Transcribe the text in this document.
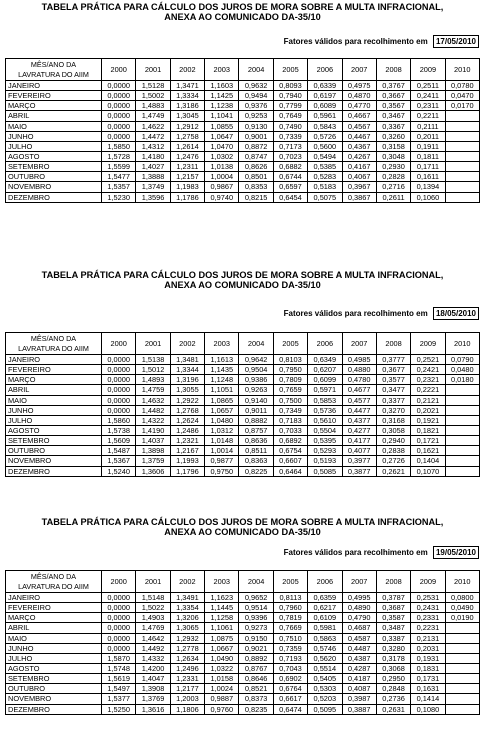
TABELA PRÁTICA PARA CÁLCULO DOS JUROS DE MORA SOBRE A MULTA INFRACIONAL,

ANEXA AO COMUNICADO DA-35/10

Fatores válidos para recolhimento em 17/05/2010
MÊS/ANO DA
LAVRATURA DO AIIM	2000	2001	2002	2003	2004	2005	2006	2007	2008	2009	2010
JANEIRO	0,0000	1,5128	1,3471	1,1603	0,9632	0,8093	0,6339	0,4975	0,3767	0,2511	0,0780
FEVEREIRO	0,0000	1,5002	1,3334	1,1425	0,9494	0,7940	0,6197	0,4870	0,3667	0,2411	0,0470
MARÇO	0,0000	1,4883	1,3186	1,1238	0,9376	0,7799	0,6089	0,4770	0,3567	0,2311	0,0170
ABRIL	0,0000	1,4749	1,3045	1,1041	0,9253	0,7649	0,5961	0,4667	0,3467	0,2211	
MAIO	0,0000	1,4622	1,2912	1,0855	0,9130	0,7490	0,5843	0,4567	0,3367	0,2111	
JUNHO	0,0000	1,4472	1,2758	1,0647	0,9001	0,7339	0,5726	0,4467	0,3260	0,2011	
JULHO	1,5850	1,4312	1,2614	1,0470	0,8872	0,7173	0,5600	0,4367	0,3158	0,1911	
AGOSTO	1,5728	1,4180	1,2476	1,0302	0,8747	0,7023	0,5494	0,4267	0,3048	0,1811	
SETEMBRO	1,5599	1,4027	1,2311	1,0138	0,8626	0,6882	0,5385	0,4167	0,2930	0,1711	
OUTUBRO	1,5477	1,3888	1,2157	1,0004	0,8501	0,6744	0,5283	0,4067	0,2828	0,1611	
NOVEMBRO	1,5357	1,3749	1,1983	0,9867	0,8353	0,6597	0,5183	0,3967	0,2716	0,1394	
DEZEMBRO	1,5230	1,3596	1,1786	0,9740	0,8215	0,6454	0,5075	0,3867	0,2611	0,1060	

TABELA PRÁTICA PARA CÁLCULO DOS JUROS DE MORA SOBRE A MULTA INFRACIONAL,

ANEXA AO COMUNICADO DA-35/10

Fatores válidos para recolhimento em 18/05/2010
MÊS/ANO DA
LAVRATURA DO AIIM	2000	2001	2002	2003	2004	2005	2006	2007	2008	2009	2010
JANEIRO	0,0000	1,5138	1,3481	1,1613	0,9642	0,8103	0,6349	0,4985	0,3777	0,2521	0,0790
FEVEREIRO	0,0000	1,5012	1,3344	1,1435	0,9504	0,7950	0,6207	0,4880	0,3677	0,2421	0,0480
MARÇO	0,0000	1,4893	1,3196	1,1248	0,9386	0,7809	0,6099	0,4780	0,3577	0,2321	0,0180
ABRIL	0,0000	1,4759	1,3055	1,1051	0,9263	0,7659	0,5971	0,4677	0,3477	0,2221	
MAIO	0,0000	1,4632	1,2922	1,0865	0,9140	0,7500	0,5853	0,4577	0,3377	0,2121	
JUNHO	0,0000	1,4482	1,2768	1,0657	0,9011	0,7349	0,5736	0,4477	0,3270	0,2021	
JULHO	1,5860	1,4322	1,2624	1,0480	0,8882	0,7183	0,5610	0,4377	0,3168	0,1921	
AGOSTO	1,5738	1,4190	1,2486	1,0312	0,8757	0,7033	0,5504	0,4277	0,3058	0,1821	
SETEMBRO	1,5609	1,4037	1,2321	1,0148	0,8636	0,6892	0,5395	0,4177	0,2940	0,1721	
OUTUBRO	1,5487	1,3898	1,2167	1,0014	0,8511	0,6754	0,5293	0,4077	0,2838	0,1621	
NOVEMBRO	1,5367	1,3759	1,1993	0,9877	0,8363	0,6607	0,5193	0,3977	0,2726	0,1404	
DEZEMBRO	1,5240	1,3606	1,1796	0,9750	0,8225	0,6464	0,5085	0,3877	0,2621	0,1070	

TABELA PRÁTICA PARA CÁLCULO DOS JUROS DE MORA SOBRE A MULTA INFRACIONAL,

ANEXA AO COMUNICADO DA-35/10

Fatores válidos para recolhimento em 19/05/2010
MÊS/ANO DA
LAVRATURA DO AIIM	2000	2001	2002	2003	2004	2005	2006	2007	2008	2009	2010
JANEIRO	0,0000	1,5148	1,3491	1,1623	0,9652	0,8113	0,6359	0,4995	0,3787	0,2531	0,0800
FEVEREIRO	0,0000	1,5022	1,3354	1,1445	0,9514	0,7960	0,6217	0,4890	0,3687	0,2431	0,0490
MARÇO	0,0000	1,4903	1,3206	1,1258	0,9396	0,7819	0,6109	0,4790	0,3587	0,2331	0,0190
ABRIL	0,0000	1,4769	1,3065	1,1061	0,9273	0,7669	0,5981	0,4687	0,3487	0,2231	
MAIO	0,0000	1,4642	1,2932	1,0875	0,9150	0,7510	0,5863	0,4587	0,3387	0,2131	
JUNHO	0,0000	1,4492	1,2778	1,0667	0,9021	0,7359	0,5746	0,4487	0,3280	0,2031	
JULHO	1,5870	1,4332	1,2634	1,0490	0,8892	0,7193	0,5620	0,4387	0,3178	0,1931	
AGOSTO	1,5748	1,4200	1,2496	1,0322	0,8767	0,7043	0,5514	0,4287	0,3068	0,1831	
SETEMBRO	1,5619	1,4047	1,2331	1,0158	0,8646	0,6902	0,5405	0,4187	0,2950	0,1731	
OUTUBRO	1,5497	1,3908	1,2177	1,0024	0,8521	0,6764	0,5303	0,4087	0,2848	0,1631	
NOVEMBRO	1,5377	1,3769	1,2003	0,9887	0,8373	0,6617	0,5203	0,3987	0,2736	0,1414	
DEZEMBRO	1,5250	1,3616	1,1806	0,9760	0,8235	0,6474	0,5095	0,3887	0,2631	0,1080	
